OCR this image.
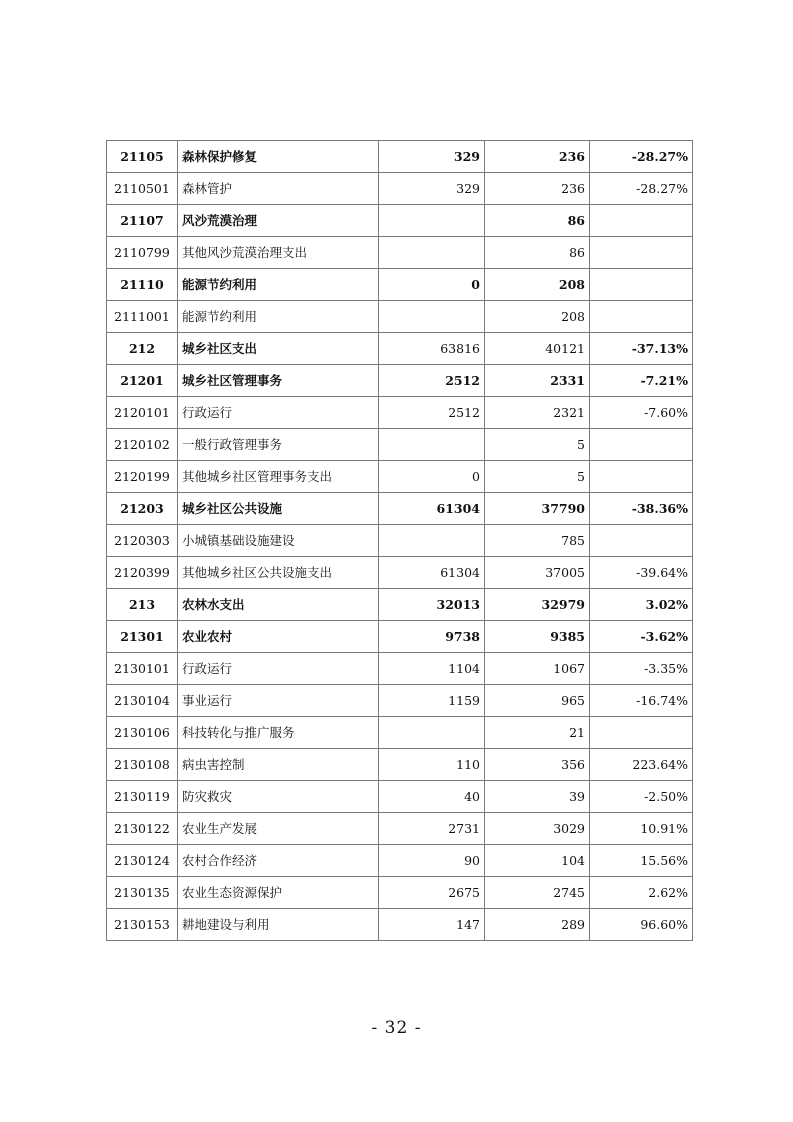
21105	森林保护修复	329	236	-28.27%
2110501	森林管护	329	236	-28.27%
21107	风沙荒漠治理		86	
2110799	其他风沙荒漠治理支出		86	
21110	能源节约利用	0	208	
2111001	能源节约利用		208	
212	城乡社区支出	63816	40121	-37.13%
21201	城乡社区管理事务	2512	2331	-7.21%
2120101	行政运行	2512	2321	-7.60%
2120102	一般行政管理事务		5	
2120199	其他城乡社区管理事务支出	0	5	
21203	城乡社区公共设施	61304	37790	-38.36%
2120303	小城镇基础设施建设		785	
2120399	其他城乡社区公共设施支出	61304	37005	-39.64%
213	农林水支出	32013	32979	3.02%
21301	农业农村	9738	9385	-3.62%
2130101	行政运行	1104	1067	-3.35%
2130104	事业运行	1159	965	-16.74%
2130106	科技转化与推广服务		21	
2130108	病虫害控制	110	356	223.64%
2130119	防灾救灾	40	39	-2.50%
2130122	农业生产发展	2731	3029	10.91%
2130124	农村合作经济	90	104	15.56%
2130135	农业生态资源保护	2675	2745	2.62%
2130153	耕地建设与利用	147	289	96.60%
- 32 -
